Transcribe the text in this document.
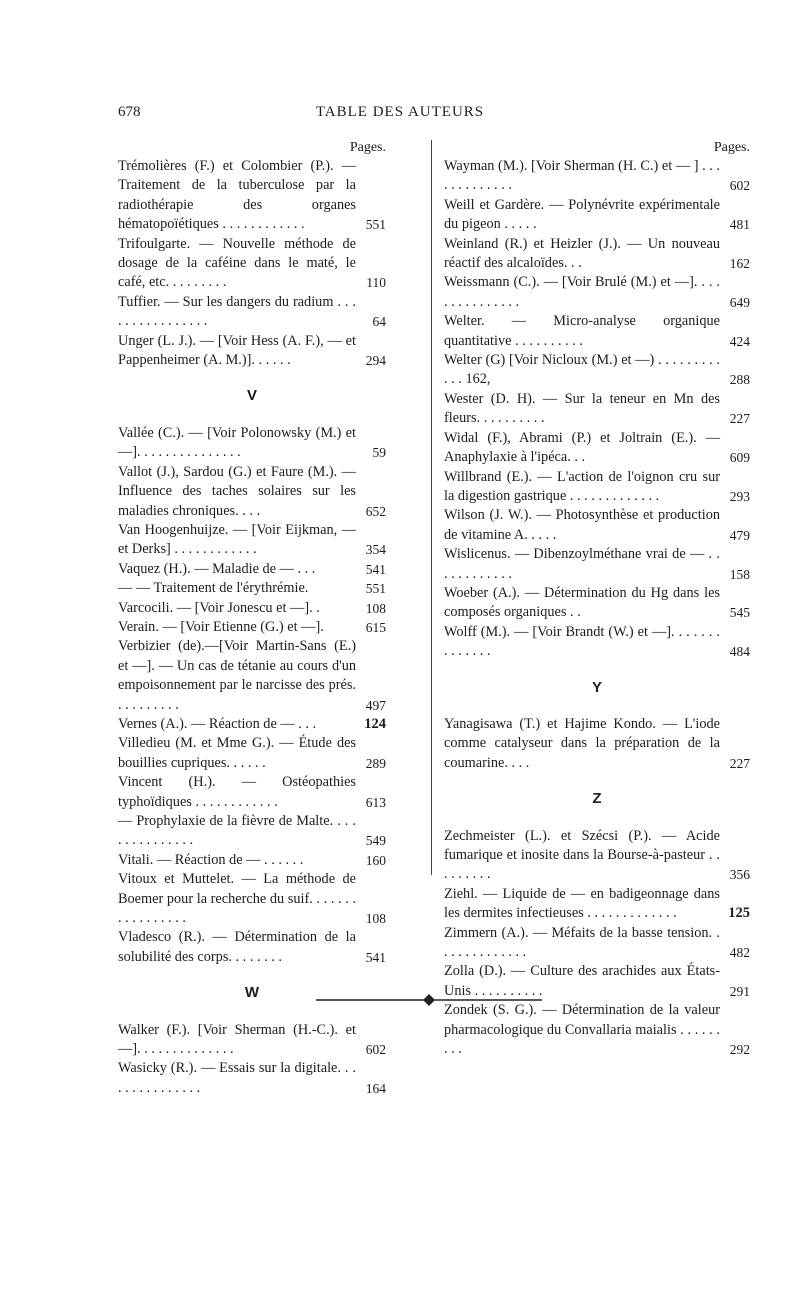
678	TABLE DES AUTEURS
Pages.
Trémolières (F.) et Colombier (P.). — Traitement de la tuberculose par la radiothérapie des organes hématopoïétiques . . . . . . . . . . . .	551
Trifoulgarte. — Nouvelle méthode de dosage de la caféine dans le maté, le café, etc. . . . . . . . .	110
Tuffier. — Sur les dangers du radium . . . . . . . . . . . . . . . .	64
Unger (L. J.). — [Voir Hess (A. F.), — et Pappenheimer (A. M.)]. . . . . .	294
V
Vallée (C.). — [Voir Polonowsky (M.) et —]. . . . . . . . . . . . . . .	59
Vallot (J.), Sardou (G.) et Faure (M.). — Influence des taches solaires sur les maladies chroniques. . . .	652
Van Hoogenhuijze. — [Voir Eijkman, — et Derks] . . . . . . . . . . . .	354
Vaquez (H.). — Maladie de — . . .	541
— — Traitement de l'érythrémie.	551
Varcocili. — [Voir Jonescu et —]. .	108
Verain. — [Voir Etienne (G.) et —].	615
Verbizier (de).—[Voir Martin-Sans (E.) et —]. — Un cas de tétanie au cours d'un empoisonnement par le narcisse des prés. . . . . . . . . .	497
Vernes (A.). — Réaction de — . . .	124
Villedieu (M. et Mme G.). — Étude des bouillies cupriques. . . . . .	289
Vincent (H.). — Ostéopathies typhoïdiques . . . . . . . . . . . .	613
— Prophylaxie de la fièvre de Malte. . . . . . . . . . . . . . .	549
Vitali. — Réaction de — . . . . . .	160
Vitoux et Muttelet. — La méthode de Boemer pour la recherche du suif. . . . . . . . . . . . . . . . .	108
Vladesco (R.). — Détermination de la solubilité des corps. . . . . . . .	541
W
Walker (F.). [Voir Sherman (H.-C.). et —]. . . . . . . . . . . . . .	602
Wasicky (R.). — Essais sur la digitale. . . . . . . . . . . . . . .	164
Pages.
Wayman (M.). [Voir Sherman (H. C.) et — ] . . . . . . . . . . . . .	602
Weill et Gardère. — Polynévrite expérimentale du pigeon . . . . .	481
Weinland (R.) et Heizler (J.). — Un nouveau réactif des alcaloïdes. . .	162
Weissmann (C.). — [Voir Brulé (M.) et —]. . . . . . . . . . . . . . .	649
Welter. — Micro-analyse organique quantitative . . . . . . . . . .	424
Welter (G) [Voir Nicloux (M.) et —) . . . . . . . . . . . . 162,	288
Wester (D. H). — Sur la teneur en Mn des fleurs. . . . . . . . . .	227
Widal (F.), Abrami (P.) et Joltrain (E.). — Anaphylaxie à l'ipéca. . .	609
Willbrand (E.). — L'action de l'oignon cru sur la digestion gastrique . . . . . . . . . . . . .	293
Wilson (J. W.). — Photosynthèse et production de vitamine A. . . . .	479
Wislicenus. — Dibenzoylméthane vrai de — . . . . . . . . . . . .	158
Woeber (A.). — Détermination du Hg dans les composés organiques . .	545
Wolff (M.). — [Voir Brandt (W.) et —]. . . . . . . . . . . . . .	484
Y
Yanagisawa (T.) et Hajime Kondo. — L'iode comme catalyseur dans la préparation de la coumarine. . . .	227
Z
Zechmeister (L.). et Szécsi (P.). — Acide fumarique et inosite dans la Bourse-à-pasteur . . . . . . . . .	356
Ziehl. — Liquide de — en badigeonnage dans les dermites infectieuses . . . . . . . . . . . . .	125
Zimmern (A.). — Méfaits de la basse tension. . . . . . . . . . . . . .	482
Zolla (D.). — Culture des arachides aux États-Unis . . . . . . . . . .	291
Zondek (S. G.). — Détermination de la valeur pharmacologique du Convallaria maialis . . . . . . . . .	292
